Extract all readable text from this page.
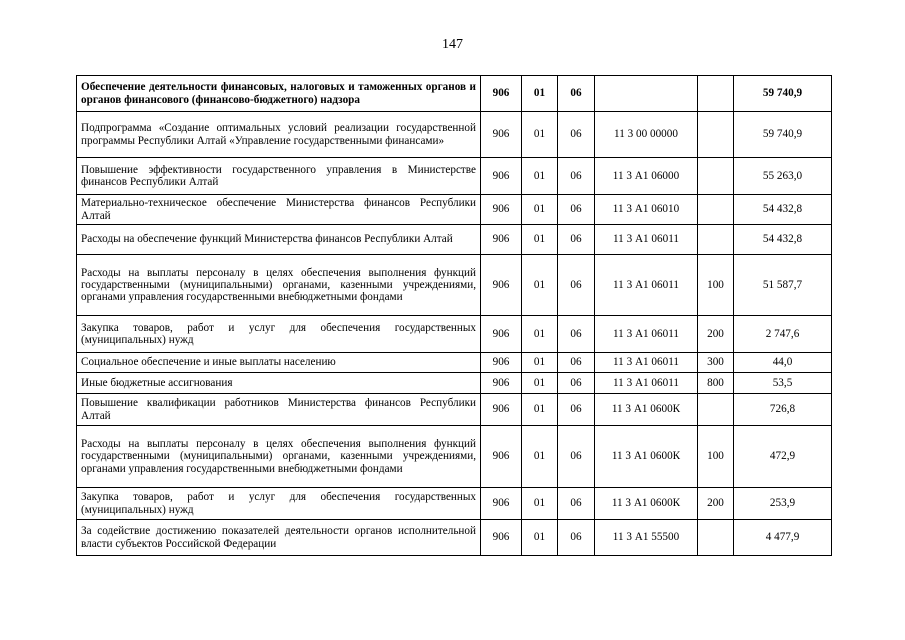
147
Обеспечение деятельности финансовых, налоговых и таможенных органов и органов финансового (финансово-бюджетного) надзора	906	01	06			59 740,9
Подпрограмма «Создание оптимальных условий реализации государственной программы Республики Алтай «Управление государственными финансами»	906	01	06	11 3 00 00000		59 740,9
Повышение эффективности государственного управления в Министерстве финансов Республики Алтай	906	01	06	11 3 А1 06000		55 263,0
Материально-техническое обеспечение Министерства финансов Республики Алтай	906	01	06	11 3 А1 06010		54 432,8
Расходы на обеспечение функций Министерства финансов Республики Алтай	906	01	06	11 3 А1 06011		54 432,8
Расходы на выплаты персоналу в целях обеспечения выполнения функций государственными (муниципальными) органами, казенными учреждениями, органами управления государственными внебюджетными фондами	906	01	06	11 3 А1 06011	100	51 587,7
Закупка товаров, работ и услуг для обеспечения государственных (муниципальных) нужд	906	01	06	11 3 А1 06011	200	2 747,6
Социальное обеспечение и иные выплаты населению	906	01	06	11 3 А1 06011	300	44,0
Иные бюджетные ассигнования	906	01	06	11 3 А1 06011	800	53,5
Повышение квалификации работников Министерства финансов Республики Алтай	906	01	06	11 3 А1 0600К		726,8
Расходы на выплаты персоналу в целях обеспечения выполнения функций государственными (муниципальными) органами, казенными учреждениями, органами управления государственными внебюджетными фондами	906	01	06	11 3 А1 0600К	100	472,9
Закупка товаров, работ и услуг для обеспечения государственных (муниципальных) нужд	906	01	06	11 3 А1 0600К	200	253,9
За содействие достижению показателей деятельности органов исполнительной власти субъектов Российской Федерации	906	01	06	11 3 А1 55500		4 477,9
